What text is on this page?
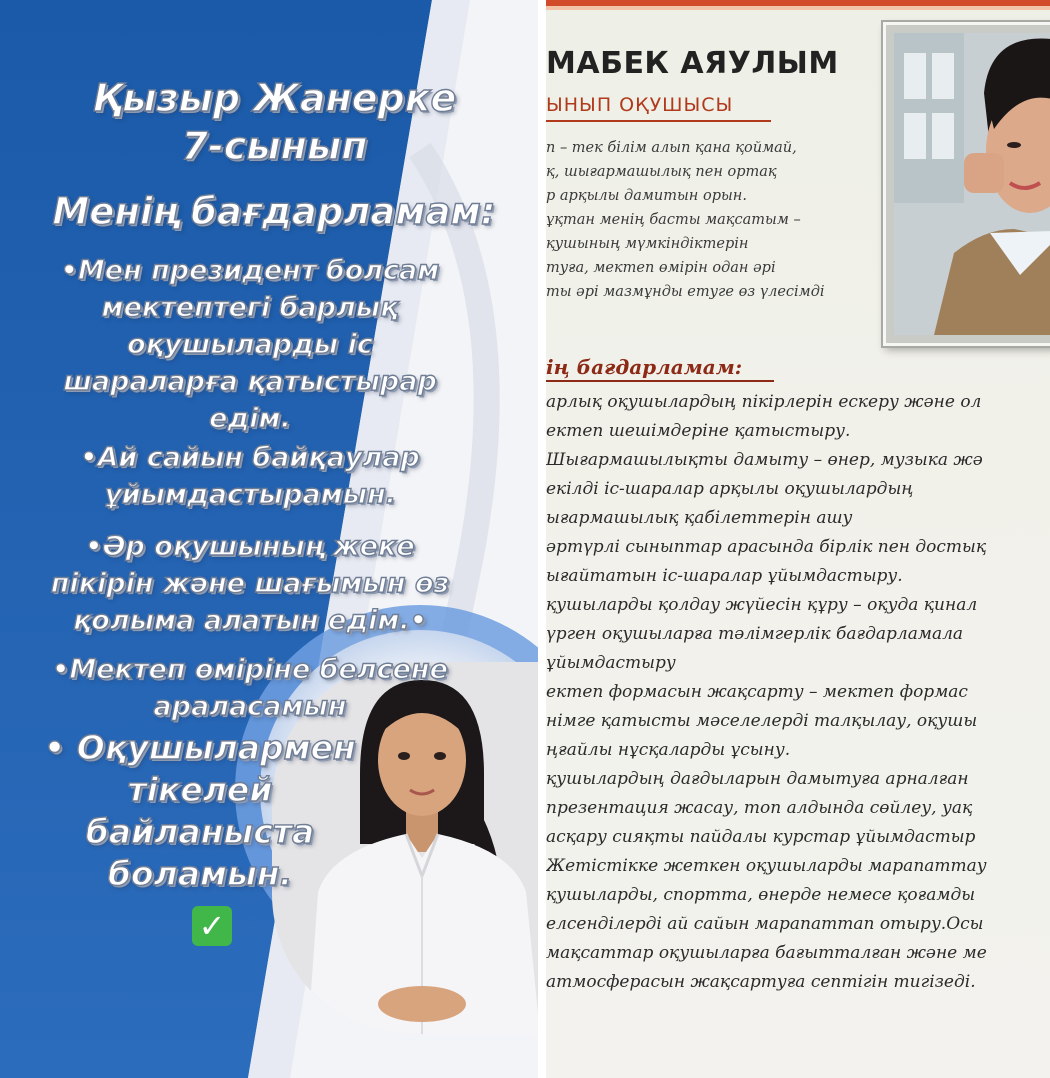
Қызыр Жанерке

7-сынып

Менің бағдарламам:

•Мен президент болсам

мектептегі барлық

оқушыларды іс

шараларға қатыстырар

едім.

•Ай сайын байқаулар

ұйымдастырамын.

•Әр оқушының жеке

пікірін және шағымын өз

қолыма алатын едім.•

•Мектеп өміріне белсене

араласамын

• Оқушылармен

тікелей

байланыста

боламын.

✓

МАБЕК АЯУЛЫМ

ЫНЫП ОҚУШЫСЫ

п – тек білім алып қана қоймай,

қ, шығармашылық пен ортақ

р арқылы дамитын орын.

ұқтан менің басты мақсатым –

қушының мүмкіндіктерін

туға, мектеп өмірін одан әрі

ты әрі мазмұнды етуге өз үлесімді

ің бағдарламам:

арлық оқушылардың пікірлерін ескеру және ол

ектеп шешімдеріне қатыстыру.

Шығармашылықты дамыту – өнер, музыка жә

екілді іс-шаралар арқылы оқушылардың

ығармашылық қабілеттерін ашу

әртүрлі сыныптар арасында бірлік пен достық

ығайтатын іс-шаралар ұйымдастыру.

қушыларды қолдау жүйесін құру – оқуда қинал

үрген оқушыларға тәлімгерлік бағдарламала

ұйымдастыру

ектеп формасын жақсарту – мектеп формас

німге қатысты мәселелерді талқылау, оқушы

ңғайлы нұсқаларды ұсыну.

қушылардың дағдыларын дамытуға арналған

презентация жасау, топ алдында сөйлеу, уақ

асқару сияқты пайдалы курстар ұйымдастыр

Жетістікке жеткен оқушыларды марапаттау

қушыларды, спортта, өнерде немесе қоғамды

елсенділерді ай сайын марапаттап отыру.Осы

мақсаттар оқушыларға бағытталған және ме

атмосферасын жақсартуға септігін тигізеді.
